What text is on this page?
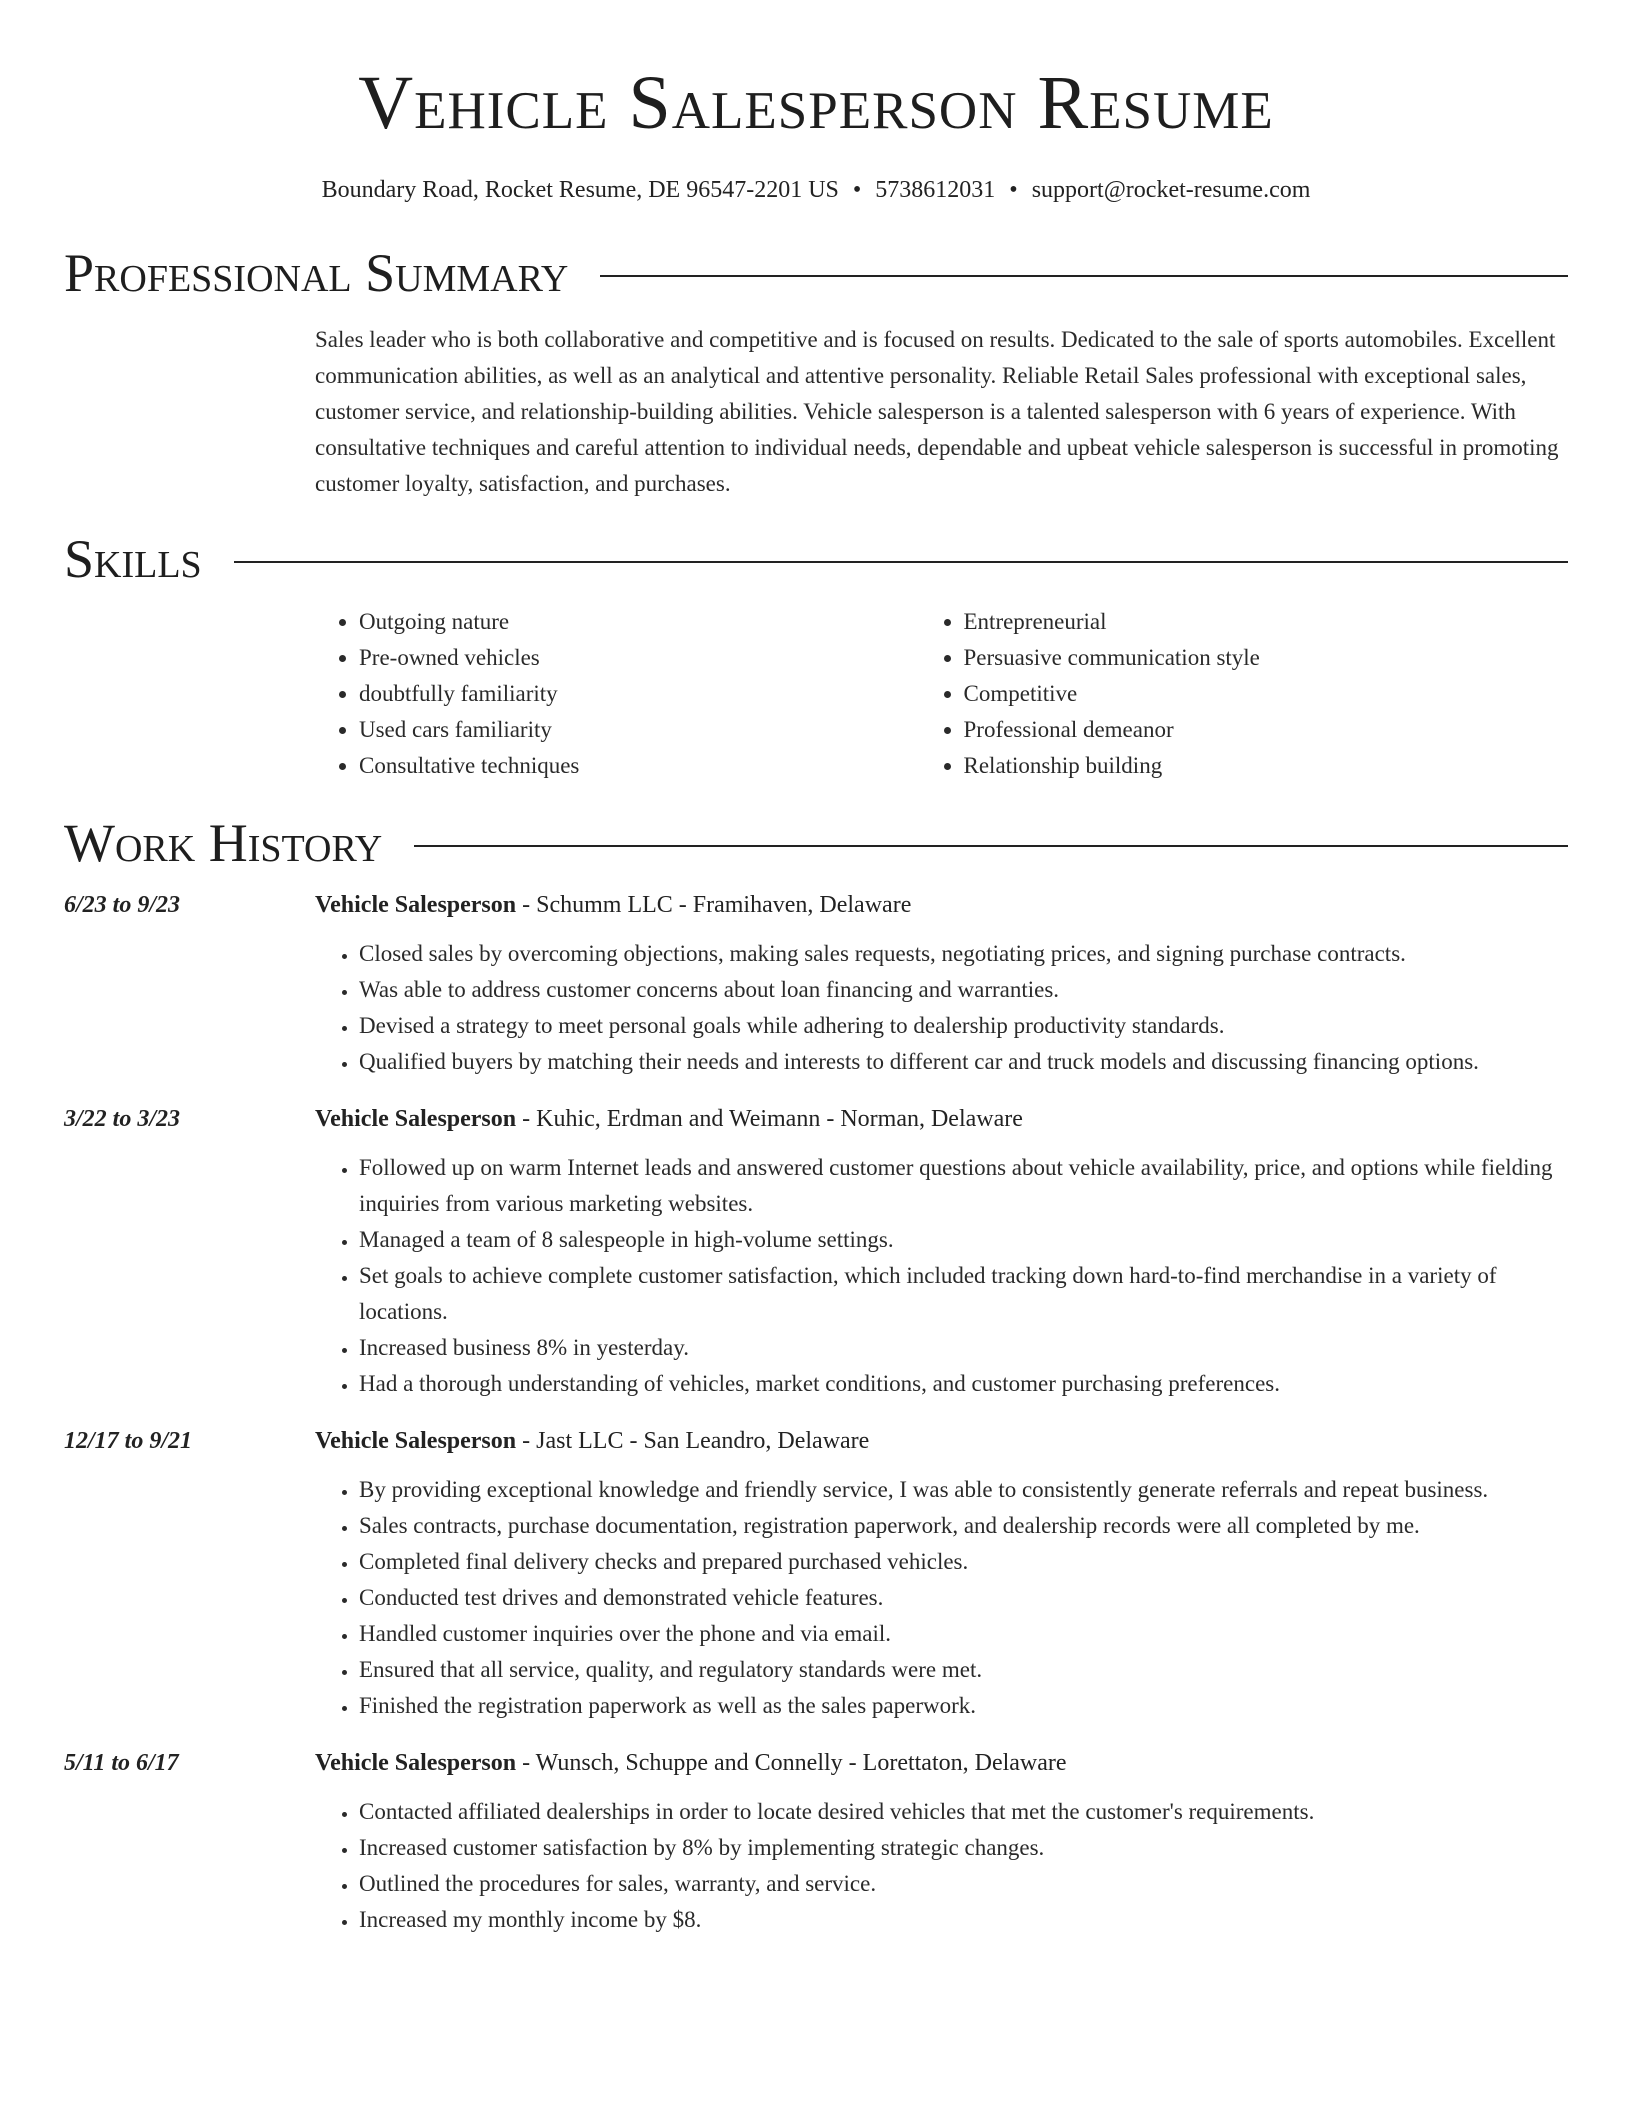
Vehicle Salesperson Resume
Boundary Road, Rocket Resume, DE 96547-2201 US • 5738612031 • support@rocket-resume.com
Professional Summary
Sales leader who is both collaborative and competitive and is focused on results. Dedicated to the sale of sports automobiles. Excellent communication abilities, as well as an analytical and attentive personality. Reliable Retail Sales professional with exceptional sales, customer service, and relationship-building abilities. Vehicle salesperson is a talented salesperson with 6 years of experience. With consultative techniques and careful attention to individual needs, dependable and upbeat vehicle salesperson is successful in promoting customer loyalty, satisfaction, and purchases.
Skills
• Outgoing nature
• Pre-owned vehicles
• doubtfully familiarity
• Used cars familiarity
• Consultative techniques
• Entrepreneurial
• Persuasive communication style
• Competitive
• Professional demeanor
• Relationship building
Work History
6/23 to 9/23	Vehicle Salesperson - Schumm LLC - Framihaven, Delaware
• Closed sales by overcoming objections, making sales requests, negotiating prices, and signing purchase contracts.
• Was able to address customer concerns about loan financing and warranties.
• Devised a strategy to meet personal goals while adhering to dealership productivity standards.
• Qualified buyers by matching their needs and interests to different car and truck models and discussing financing options.
3/22 to 3/23	Vehicle Salesperson - Kuhic, Erdman and Weimann - Norman, Delaware
• Followed up on warm Internet leads and answered customer questions about vehicle availability, price, and options while fielding inquiries from various marketing websites.
• Managed a team of 8 salespeople in high-volume settings.
• Set goals to achieve complete customer satisfaction, which included tracking down hard-to-find merchandise in a variety of locations.
• Increased business 8% in yesterday.
• Had a thorough understanding of vehicles, market conditions, and customer purchasing preferences.
12/17 to 9/21	Vehicle Salesperson - Jast LLC - San Leandro, Delaware
• By providing exceptional knowledge and friendly service, I was able to consistently generate referrals and repeat business.
• Sales contracts, purchase documentation, registration paperwork, and dealership records were all completed by me.
• Completed final delivery checks and prepared purchased vehicles.
• Conducted test drives and demonstrated vehicle features.
• Handled customer inquiries over the phone and via email.
• Ensured that all service, quality, and regulatory standards were met.
• Finished the registration paperwork as well as the sales paperwork.
5/11 to 6/17	Vehicle Salesperson - Wunsch, Schuppe and Connelly - Lorettaton, Delaware
• Contacted affiliated dealerships in order to locate desired vehicles that met the customer's requirements.
• Increased customer satisfaction by 8% by implementing strategic changes.
• Outlined the procedures for sales, warranty, and service.
• Increased my monthly income by $8.
